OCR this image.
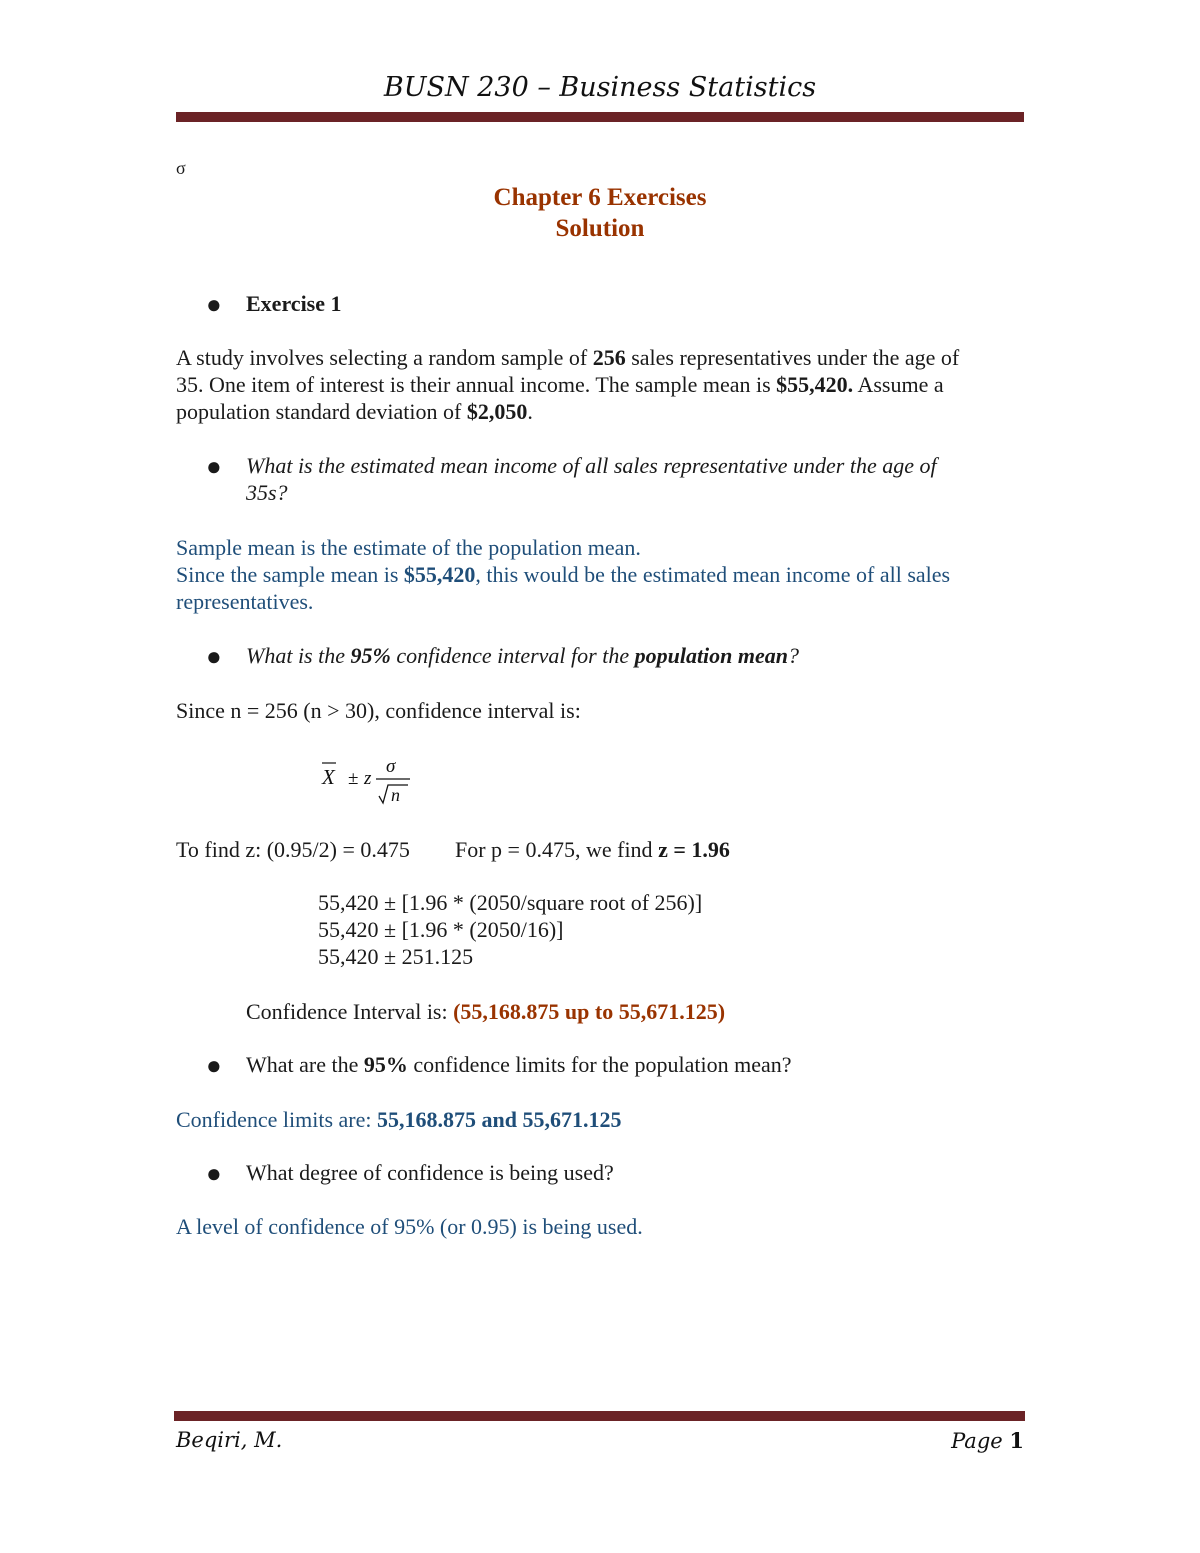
BUSN 230 – Business Statistics
σ
Chapter 6 Exercises
Solution
● Exercise 1
A study involves selecting a random sample of 256 sales representatives under the age of
35. One item of interest is their annual income. The sample mean is $55,420. Assume a
population standard deviation of $2,050.
● What is the estimated mean income of all sales representative under the age of
35s?
Sample mean is the estimate of the population mean.
Since the sample mean is $55,420, this would be the estimated mean income of all sales
representatives.
● What is the 95% confidence interval for the population mean?
Since n = 256 (n > 30), confidence interval is:
X ± z
σ
n
To find z: (0.95/2) = 0.475 For p = 0.475, we find z = 1.96
55,420 ± [1.96 * (2050/square root of 256)]
55,420 ± [1.96 * (2050/16)]
55,420 ± 251.125
Confidence Interval is: (55,168.875 up to 55,671.125)
● What are the 95% confidence limits for the population mean?
Confidence limits are: 55,168.875 and 55,671.125
● What degree of confidence is being used?
A level of confidence of 95% (or 0.95) is being used.
Beqiri, M.	Page 1
